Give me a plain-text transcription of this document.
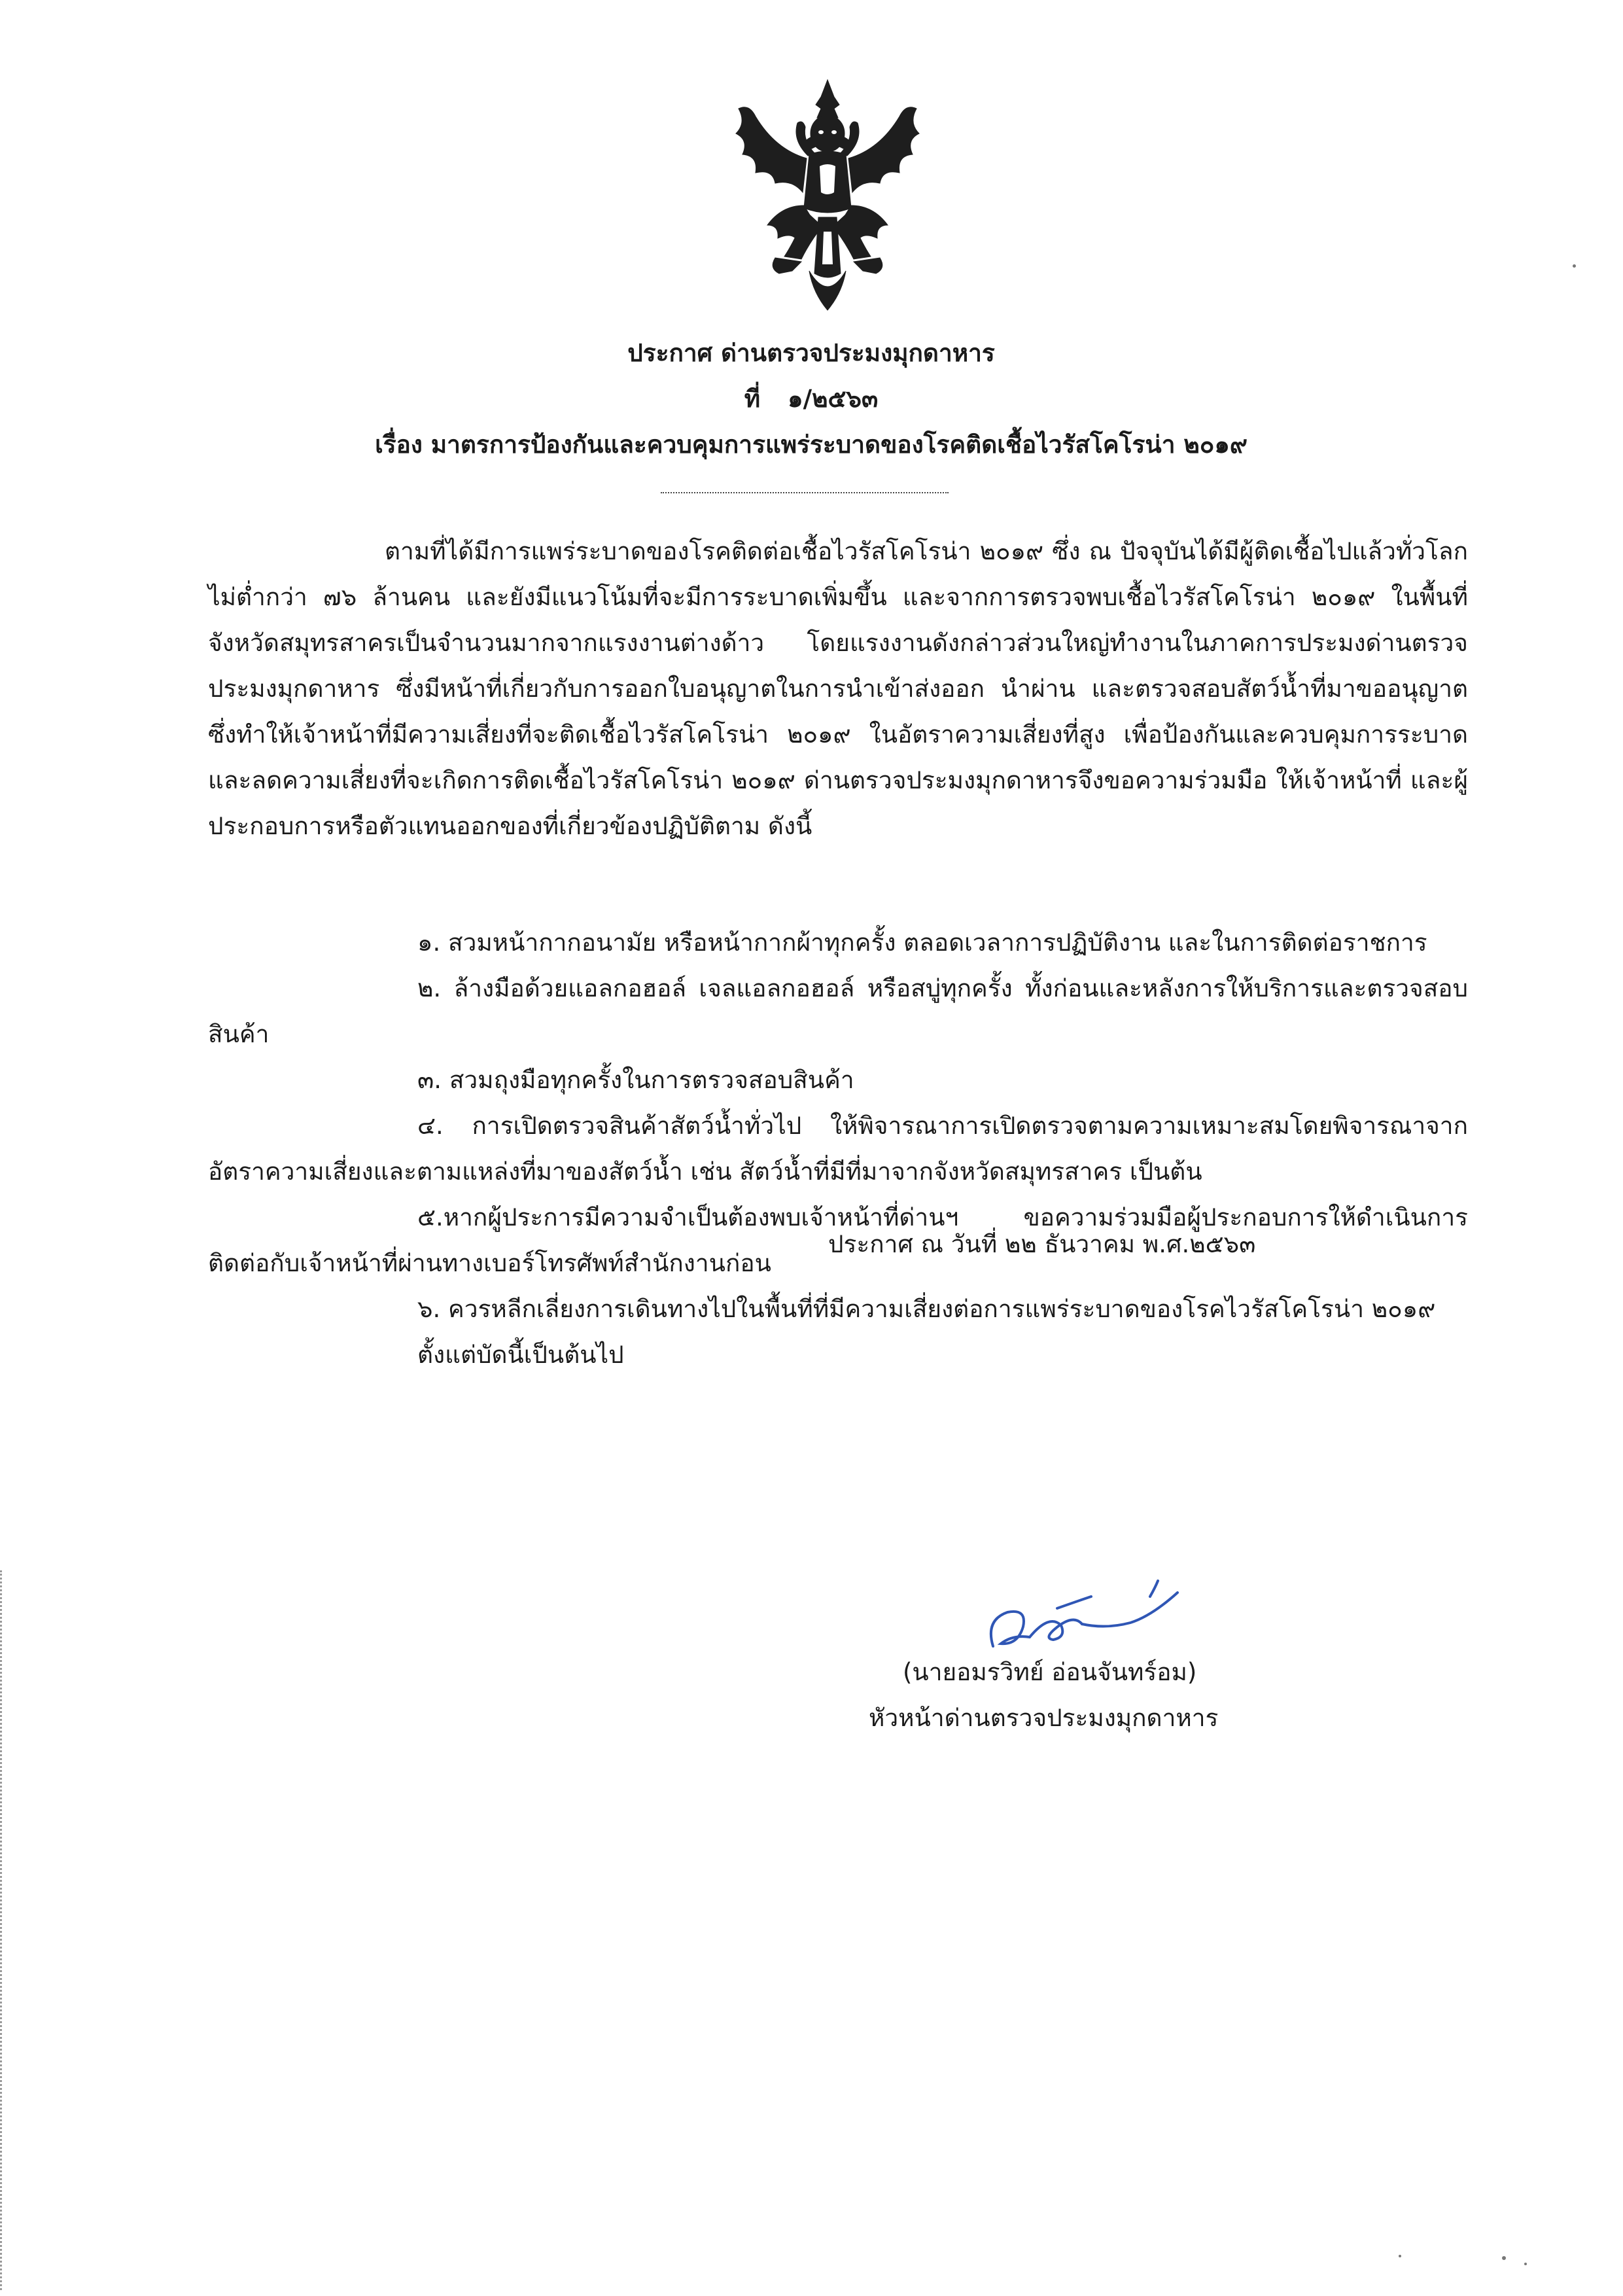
ประกาศ ด่านตรวจประมงมุกดาหาร
ที่ ๑/๒๕๖๓
เรื่อง มาตรการป้องกันและควบคุมการแพร่ระบาดของโรคติดเชื้อไวรัสโคโรน่า ๒๐๑๙

ตามที่ได้มีการแพร่ระบาดของโรคติดต่อเชื้อไวรัสโคโรน่า ๒๐๑๙ ซึ่ง ณ ปัจจุบันได้มีผู้ติดเชื้อไปแล้วทั่วโลกไม่ต่ำกว่า ๗๖ ล้านคน และยังมีแนวโน้มที่จะมีการระบาดเพิ่มขึ้น และจากการตรวจพบเชื้อไวรัสโคโรน่า ๒๐๑๙ ในพื้นที่จังหวัดสมุทรสาครเป็นจำนวนมากจากแรงงานต่างด้าว โดยแรงงานดังกล่าวส่วนใหญ่ทำงานในภาคการประมงด่านตรวจประมงมุกดาหาร ซึ่งมีหน้าที่เกี่ยวกับการออกใบอนุญาตในการนำเข้าส่งออก นำผ่าน และตรวจสอบสัตว์น้ำที่มาขออนุญาต ซึ่งทำให้เจ้าหน้าที่มีความเสี่ยงที่จะติดเชื้อไวรัสโคโรน่า ๒๐๑๙ ในอัตราความเสี่ยงที่สูง เพื่อป้องกันและควบคุมการระบาด และลดความเสี่ยงที่จะเกิดการติดเชื้อไวรัสโคโรน่า ๒๐๑๙ ด่านตรวจประมงมุกดาหารจึงขอความร่วมมือ ให้เจ้าหน้าที่ และผู้ประกอบการหรือตัวแทนออกของที่เกี่ยวข้องปฏิบัติตาม ดังนี้

๑. สวมหน้ากากอนามัย หรือหน้ากากผ้าทุกครั้ง ตลอดเวลาการปฏิบัติงาน และในการติดต่อราชการ

๒. ล้างมือด้วยแอลกอฮอล์ เจลแอลกอฮอล์ หรือสบู่ทุกครั้ง ทั้งก่อนและหลังการให้บริการและตรวจสอบสินค้า

๓. สวมถุงมือทุกครั้งในการตรวจสอบสินค้า

๔. การเปิดตรวจสินค้าสัตว์น้ำทั่วไป ให้พิจารณาการเปิดตรวจตามความเหมาะสมโดยพิจารณาจากอัตราความเสี่ยงและตามแหล่งที่มาของสัตว์น้ำ เช่น สัตว์น้ำที่มีที่มาจากจังหวัดสมุทรสาคร เป็นต้น

๕.หากผู้ประการมีความจำเป็นต้องพบเจ้าหน้าที่ด่านฯ ขอความร่วมมือผู้ประกอบการให้ดำเนินการติดต่อกับเจ้าหน้าที่ผ่านทางเบอร์โทรศัพท์สำนักงานก่อน

๖. ควรหลีกเลี่ยงการเดินทางไปในพื้นที่ที่มีความเสี่ยงต่อการแพร่ระบาดของโรคไวรัสโคโรน่า ๒๐๑๙

ตั้งแต่บัดนี้เป็นต้นไป

ประกาศ ณ วันที่ ๒๒ ธันวาคม พ.ศ.๒๕๖๓
(นายอมรวิทย์ อ่อนจันทร์อม)
หัวหน้าด่านตรวจประมงมุกดาหาร
